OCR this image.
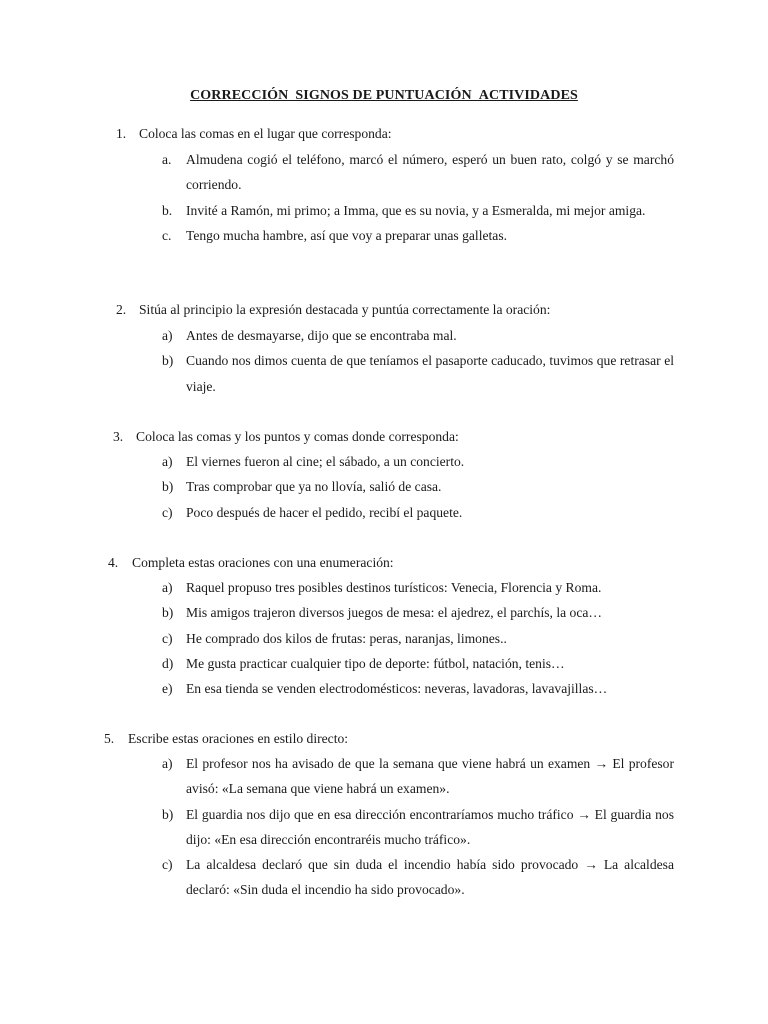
CORRECCIÓN_SIGNOS DE PUNTUACIÓN_ACTIVIDADES
1. Coloca las comas en el lugar que corresponda:
a.	Almudena cogió el teléfono, marcó el número, esperó un buen rato, colgó y se marchó corriendo.
b.	Invité a Ramón, mi primo; a Imma, que es su novia, y a Esmeralda, mi mejor amiga.
c.	Tengo mucha hambre, así que voy a preparar unas galletas.
2. Sitúa al principio la expresión destacada y puntúa correctamente la oración:
a) Antes de desmayarse, dijo que se encontraba mal.
b) Cuando nos dimos cuenta de que teníamos el pasaporte caducado, tuvimos que retrasar el viaje.
3. Coloca las comas y los puntos y comas donde corresponda:
a) El viernes fueron al cine; el sábado, a un concierto.
b) Tras comprobar que ya no llovía, salió de casa.
c) Poco después de hacer el pedido, recibí el paquete.
4. Completa estas oraciones con una enumeración:
a) Raquel propuso tres posibles destinos turísticos: Venecia, Florencia y Roma.
b) Mis amigos trajeron diversos juegos de mesa: el ajedrez, el parchís, la oca…
c) He comprado dos kilos de frutas: peras, naranjas, limones..
d) Me gusta practicar cualquier tipo de deporte: fútbol, natación, tenis…
e) En esa tienda se venden electrodomésticos: neveras, lavadoras, lavavajillas…
5. Escribe estas oraciones en estilo directo:
a) El profesor nos ha avisado de que la semana que viene habrá un examen → El profesor avisó: «La semana que viene habrá un examen».
b) El guardia nos dijo que en esa dirección encontraríamos mucho tráfico → El guardia nos dijo: «En esa dirección encontraréis mucho tráfico».
c) La alcaldesa declaró que sin duda el incendio había sido provocado → La alcaldesa declaró: «Sin duda el incendio ha sido provocado».
